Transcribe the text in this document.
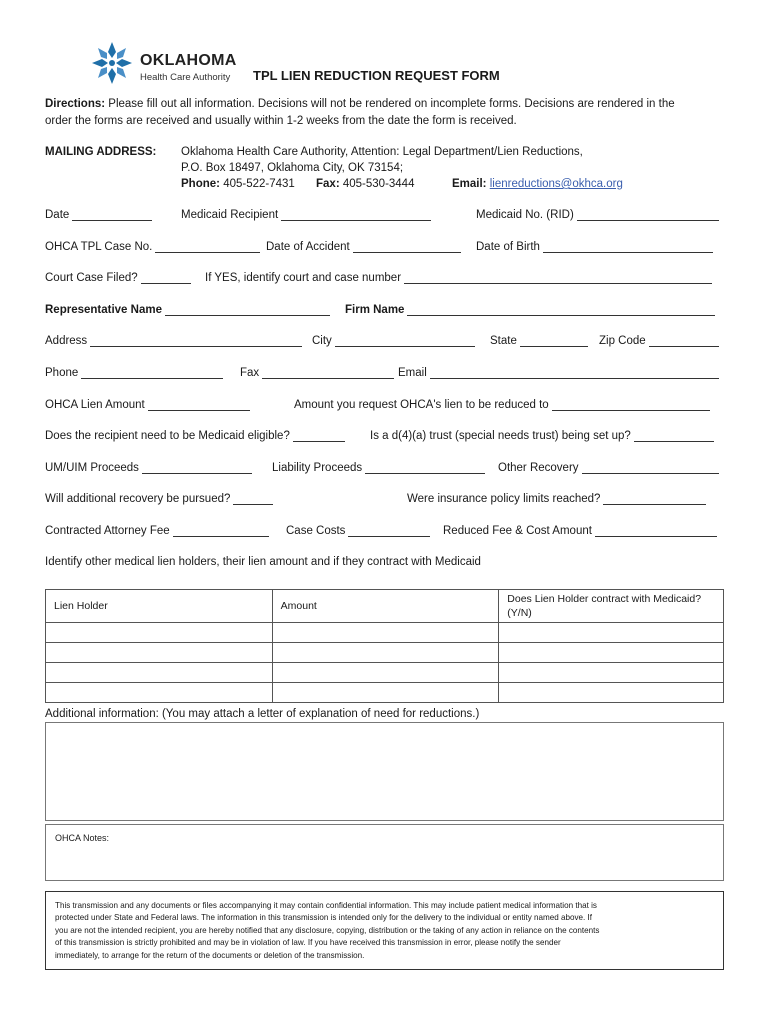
OKLAHOMA
Health Care Authority TPL LIEN REDUCTION REQUEST FORM
Directions: Please fill out all information. Decisions will not be rendered on incomplete forms. Decisions are rendered in the
order the forms are received and usually within 1-2 weeks from the date the form is received.
MAILING ADDRESS: Oklahoma Health Care Authority, Attention: Legal Department/Lien Reductions,
P.O. Box 18497, Oklahoma City, OK 73154;
Phone: 405-522-7431 Fax: 405-530-3444	Email: lienreductions@okhca.org
Date	Medicaid Recipient	Medicaid No. (RID)
OHCA TPL Case No.	Date of Accident	Date of Birth
Court Case Filed?	If YES, identify court and case number
Representative Name	Firm Name
Address	City	State	Zip Code
Phone	Fax	Email
OHCA Lien Amount	Amount you request OHCA's lien to be reduced to
Does the recipient need to be Medicaid eligible?	Is a d(4)(a) trust (special needs trust) being set up?
UM/UIM Proceeds	Liability Proceeds	Other Recovery
Will additional recovery be pursued?	Were insurance policy limits reached?
Contracted Attorney Fee	Case Costs	Reduced Fee & Cost Amount
Identify other medical lien holders, their lien amount and if they contract with Medicaid
Lien Holder	Amount	Does Lien Holder contract with Medicaid?
(Y/N)

Additional information: (You may attach a letter of explanation of need for reductions.)
OHCA Notes:
This transmission and any documents or files accompanying it may contain confidential information. This may include patient medical information that is
protected under State and Federal laws. The information in this transmission is intended only for the delivery to the individual or entity named above. If
you are not the intended recipient, you are hereby notified that any disclosure, copying, distribution or the taking of any action in reliance on the contents
of this transmission is strictly prohibited and may be in violation of law. If you have received this transmission in error, please notify the sender
immediately, to arrange for the return of the documents or deletion of the transmission.
